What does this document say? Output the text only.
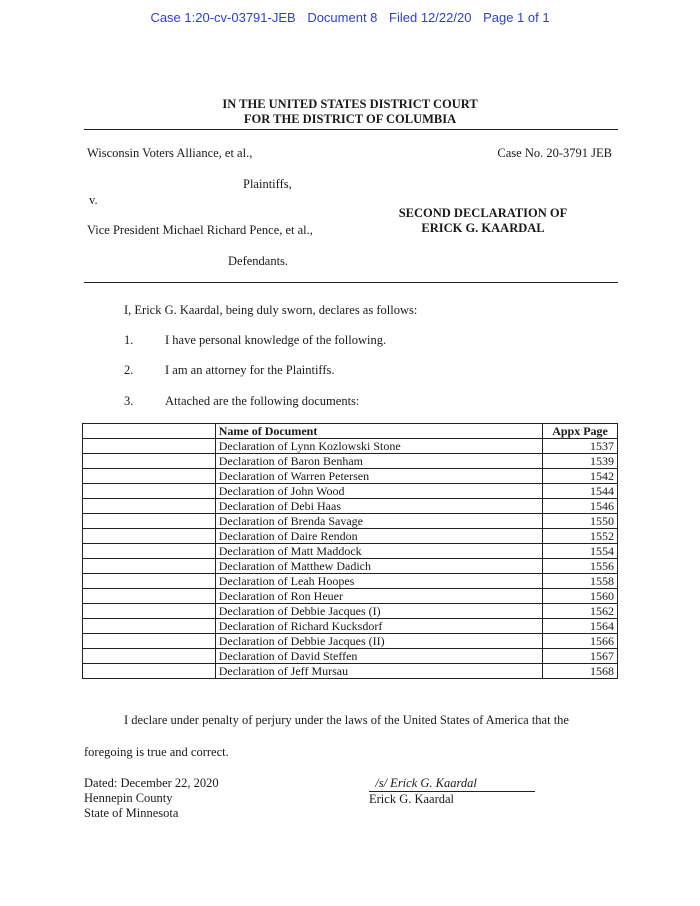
Case 1:20-cv-03791-JEB Document 8 Filed 12/22/20 Page 1 of 1
IN THE UNITED STATES DISTRICT COURT
FOR THE DISTRICT OF COLUMBIA
Wisconsin Voters Alliance, et al.,	Case No. 20-3791 JEB
Plaintiffs,
v.
SECOND DECLARATION OF
ERICK G. KAARDAL
Vice President Michael Richard Pence, et al.,
Defendants.
I, Erick G. Kaardal, being duly sworn, declares as follows:
1.	I have personal knowledge of the following.
2.	I am an attorney for the Plaintiffs.
3.	Attached are the following documents:
	Name of Document	Appx Page
	Declaration of Lynn Kozlowski Stone	1537
	Declaration of Baron Benham	1539
	Declaration of Warren Petersen	1542
	Declaration of John Wood	1544
	Declaration of Debi Haas	1546
	Declaration of Brenda Savage	1550
	Declaration of Daire Rendon	1552
	Declaration of Matt Maddock	1554
	Declaration of Matthew Dadich	1556
	Declaration of Leah Hoopes	1558
	Declaration of Ron Heuer	1560
	Declaration of Debbie Jacques (I)	1562
	Declaration of Richard Kucksdorf	1564
	Declaration of Debbie Jacques (II)	1566
	Declaration of David Steffen	1567
	Declaration of Jeff Mursau	1568
I declare under penalty of perjury under the laws of the United States of America that the
foregoing is true and correct.
Dated: December 22, 2020
Hennepin County
State of Minnesota
/s/ Erick G. Kaardal
Erick G. Kaardal
